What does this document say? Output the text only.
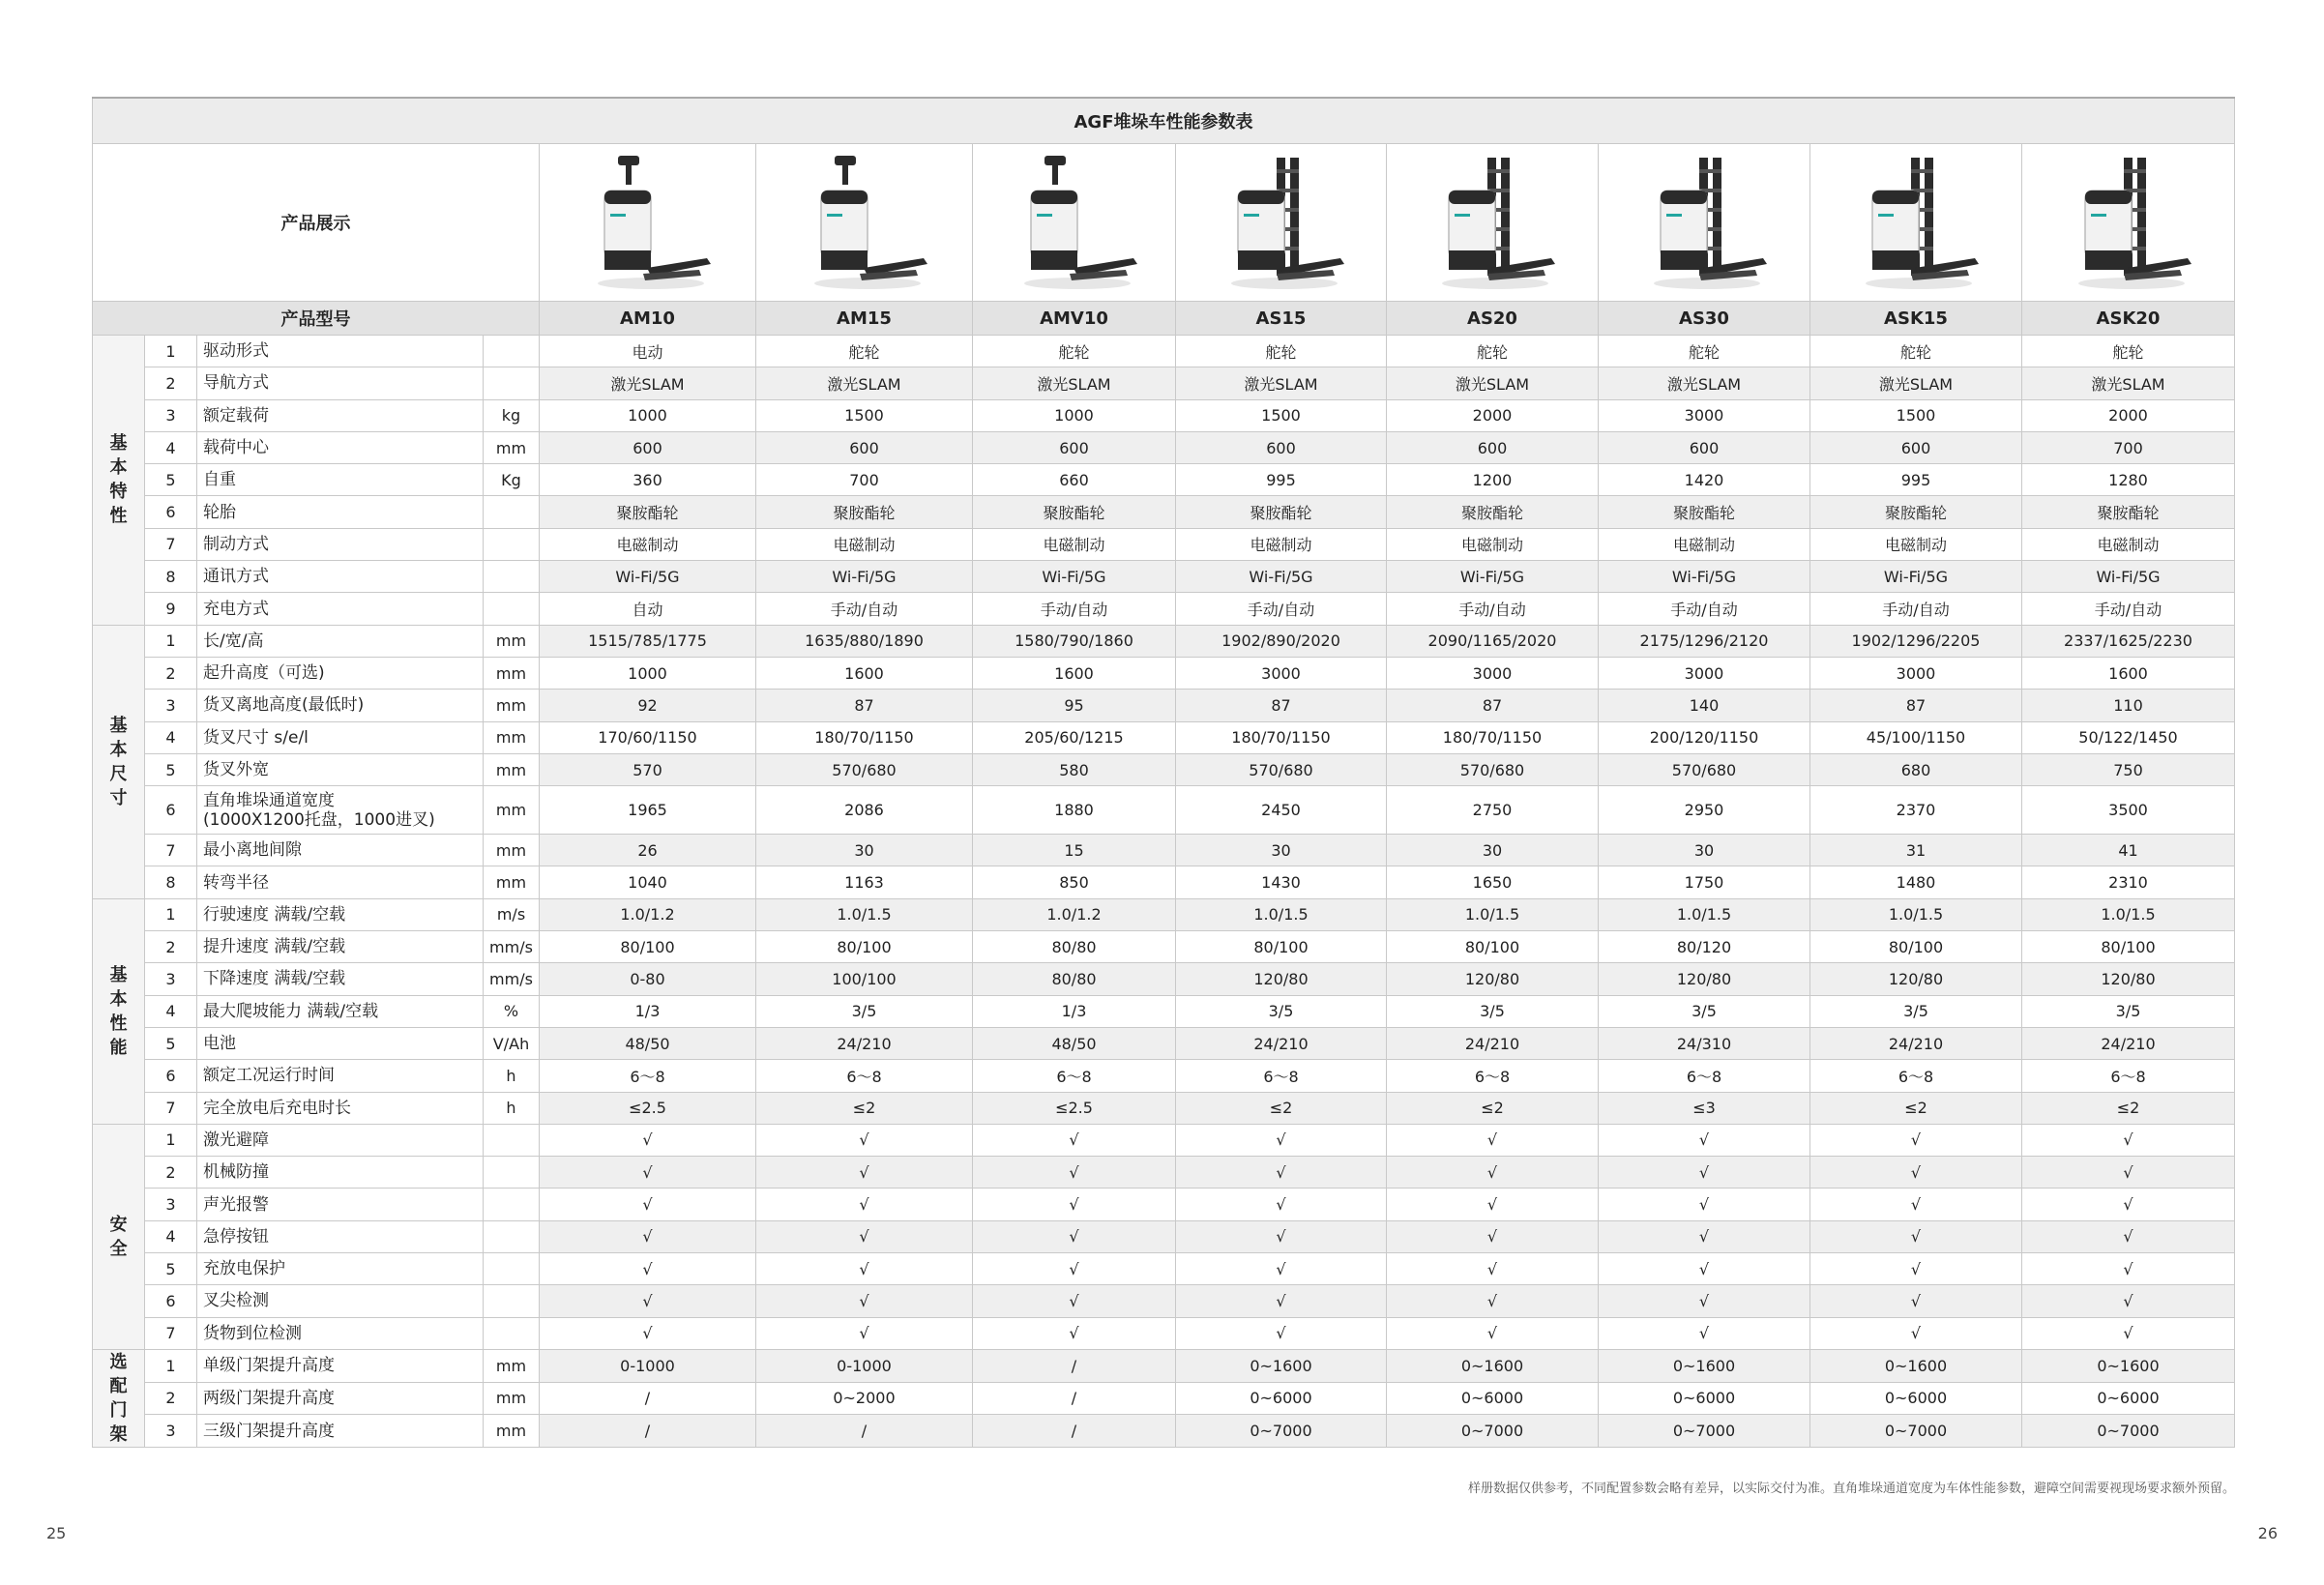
AGF堆垛车性能参数表											
产品展示	

产品型号				AM10	AM15	AMV10	AS15	AS20	AS30	ASK15	ASK20
基
本
特
性	1	驱动形式		电动	舵轮	舵轮	舵轮	舵轮	舵轮	舵轮	舵轮
	2	导航方式		激光SLAM	激光SLAM	激光SLAM	激光SLAM	激光SLAM	激光SLAM	激光SLAM	激光SLAM
	3	额定载荷	kg	1000	1500	1000	1500	2000	3000	1500	2000
	4	载荷中心	mm	600	600	600	600	600	600	600	700
	5	自重	Kg	360	700	660	995	1200	1420	995	1280
	6	轮胎		聚胺酯轮	聚胺酯轮	聚胺酯轮	聚胺酯轮	聚胺酯轮	聚胺酯轮	聚胺酯轮	聚胺酯轮
	7	制动方式		电磁制动	电磁制动	电磁制动	电磁制动	电磁制动	电磁制动	电磁制动	电磁制动
	8	通讯方式		Wi-Fi/5G	Wi-Fi/5G	Wi-Fi/5G	Wi-Fi/5G	Wi-Fi/5G	Wi-Fi/5G	Wi-Fi/5G	Wi-Fi/5G
	9	充电方式		自动	手动/自动	手动/自动	手动/自动	手动/自动	手动/自动	手动/自动	手动/自动
基
本
尺
寸	1	长/宽/高	mm	1515/785/1775	1635/880/1890	1580/790/1860	1902/890/2020	2090/1165/2020	2175/1296/2120	1902/1296/2205	2337/1625/2230
	2	起升高度（可选)	mm	1000	1600	1600	3000	3000	3000	3000	1600
	3	货叉离地高度(最低时)	mm	92	87	95	87	87	140	87	110
	4	货叉尺寸 s/e/l	mm	170/60/1150	180/70/1150	205/60/1215	180/70/1150	180/70/1150	200/120/1150	45/100/1150	50/122/1450
	5	货叉外宽	mm	570	570/680	580	570/680	570/680	570/680	680	750
	6	直角堆垛通道宽度
(1000X1200托盘，1000进叉)	mm	1965	2086	1880	2450	2750	2950	2370	3500
	7	最小离地间隙	mm	26	30	15	30	30	30	31	41
	8	转弯半径	mm	1040	1163	850	1430	1650	1750	1480	2310
基
本
性
能	1	行驶速度 满载/空载	m/s	1.0/1.2	1.0/1.5	1.0/1.2	1.0/1.5	1.0/1.5	1.0/1.5	1.0/1.5	1.0/1.5
	2	提升速度 满载/空载	mm/s	80/100	80/100	80/80	80/100	80/100	80/120	80/100	80/100
	3	下降速度 满载/空载	mm/s	0-80	100/100	80/80	120/80	120/80	120/80	120/80	120/80
	4	最大爬坡能力 满载/空载	%	1/3	3/5	1/3	3/5	3/5	3/5	3/5	3/5
	5	电池	V/Ah	48/50	24/210	48/50	24/210	24/210	24/310	24/210	24/210
	6	额定工况运行时间	h	6～8	6～8	6～8	6～8	6～8	6～8	6～8	6～8
	7	完全放电后充电时长	h	≤2.5	≤2	≤2.5	≤2	≤2	≤3	≤2	≤2
安
全	1	激光避障		√	√	√	√	√	√	√	√
	2	机械防撞		√	√	√	√	√	√	√	√
	3	声光报警		√	√	√	√	√	√	√	√
	4	急停按钮		√	√	√	√	√	√	√	√
	5	充放电保护		√	√	√	√	√	√	√	√
	6	叉尖检测		√	√	√	√	√	√	√	√
	7	货物到位检测		√	√	√	√	√	√	√	√
选
配
门
架	1	单级门架提升高度	mm	0-1000	0-1000	/	0~1600	0~1600	0~1600	0~1600	0~1600
	2	两级门架提升高度	mm	/	0~2000	/	0~6000	0~6000	0~6000	0~6000	0~6000
	3	三级门架提升高度	mm	/	/	/	0~7000	0~7000	0~7000	0~7000	0~7000
样册数据仅供参考，不同配置参数会略有差异，以实际交付为准。直角堆垛通道宽度为车体性能参数，避障空间需要视现场要求额外预留。
25	26
